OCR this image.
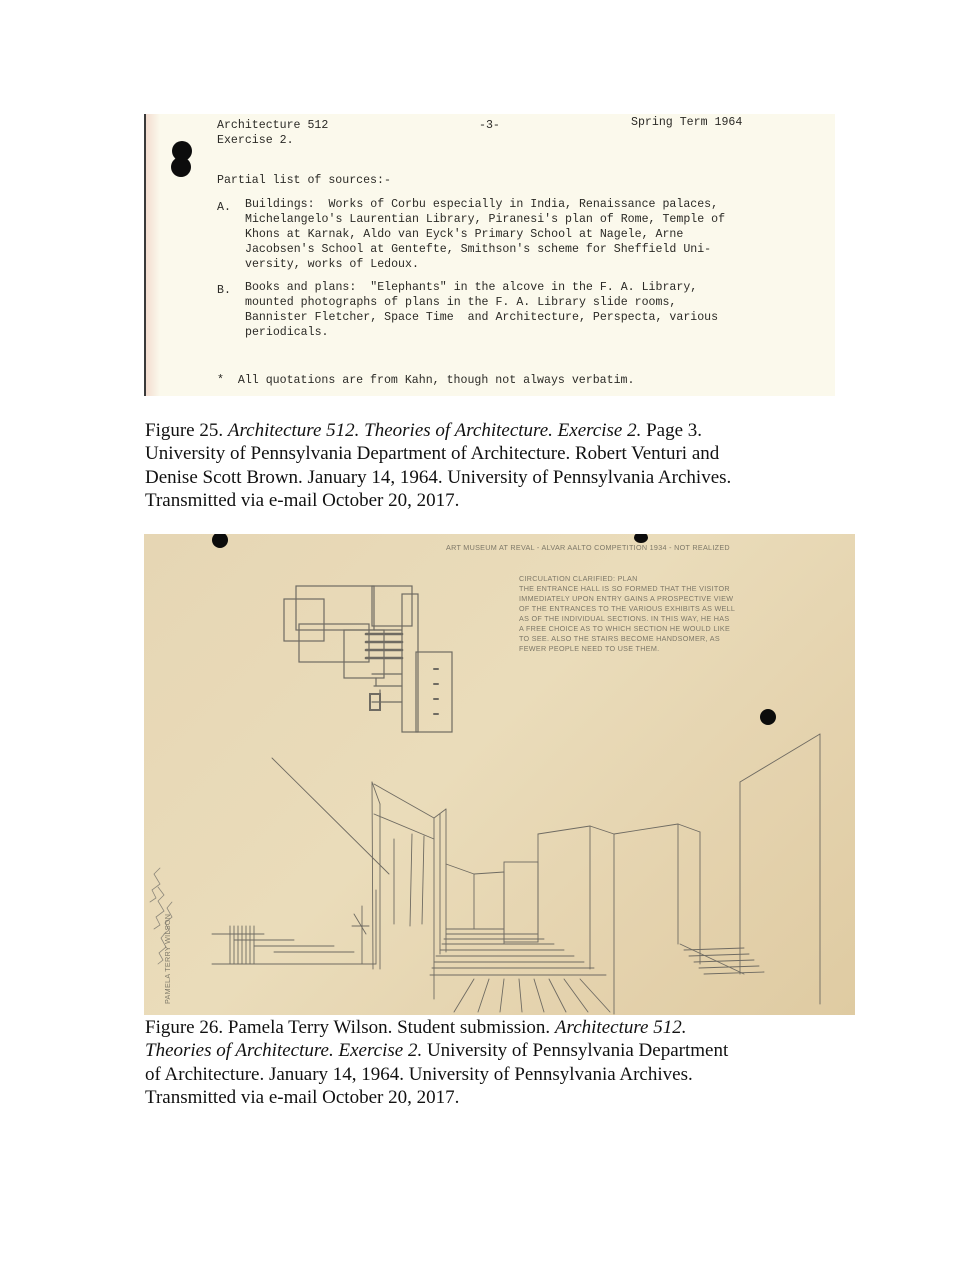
Architecture 512
Exercise 2.
-3-	Spring Term 1964
Partial list of sources:-
A. Buildings:  Works of Corbu especially in India, Renaissance palaces,
Michelangelo's Laurentian Library, Piranesi's plan of Rome, Temple of
Khons at Karnak, Aldo van Eyck's Primary School at Nagele, Arne
Jacobsen's School at Gentefte, Smithson's scheme for Sheffield Uni-
versity, works of Ledoux.
B. Books and plans:  "Elephants" in the alcove in the F. A. Library,
mounted photographs of plans in the F. A. Library slide rooms,
Bannister Fletcher, Space Time  and Architecture, Perspecta, various
periodicals.
*  All quotations are from Kahn, though not always verbatim.
Figure 25. Architecture 512. Theories of Architecture. Exercise 2. Page 3.
University of Pennsylvania Department of Architecture. Robert Venturi and
Denise Scott Brown. January 14, 1964. University of Pennsylvania Archives.
Transmitted via e-mail October 20, 2017.
ART MUSEUM AT REVAL - ALVAR AALTO COMPETITION 1934 - NOT REALIZED
CIRCULATION CLARIFIED: PLAN
THE ENTRANCE HALL IS SO FORMED THAT THE VISITOR
IMMEDIATELY UPON ENTRY GAINS A PROSPECTIVE VIEW
OF THE ENTRANCES TO THE VARIOUS EXHIBITS AS WELL
AS OF THE INDIVIDUAL SECTIONS. IN THIS WAY, HE HAS
A FREE CHOICE AS TO WHICH SECTION HE WOULD LIKE
TO SEE. ALSO THE STAIRS BECOME HANDSOMER, AS
FEWER PEOPLE NEED TO USE THEM.
PAMELA TERRY WILSON
Figure 26. Pamela Terry Wilson. Student submission. Architecture 512.
Theories of Architecture. Exercise 2. University of Pennsylvania Department
of Architecture. January 14, 1964. University of Pennsylvania Archives.
Transmitted via e-mail October 20, 2017.
